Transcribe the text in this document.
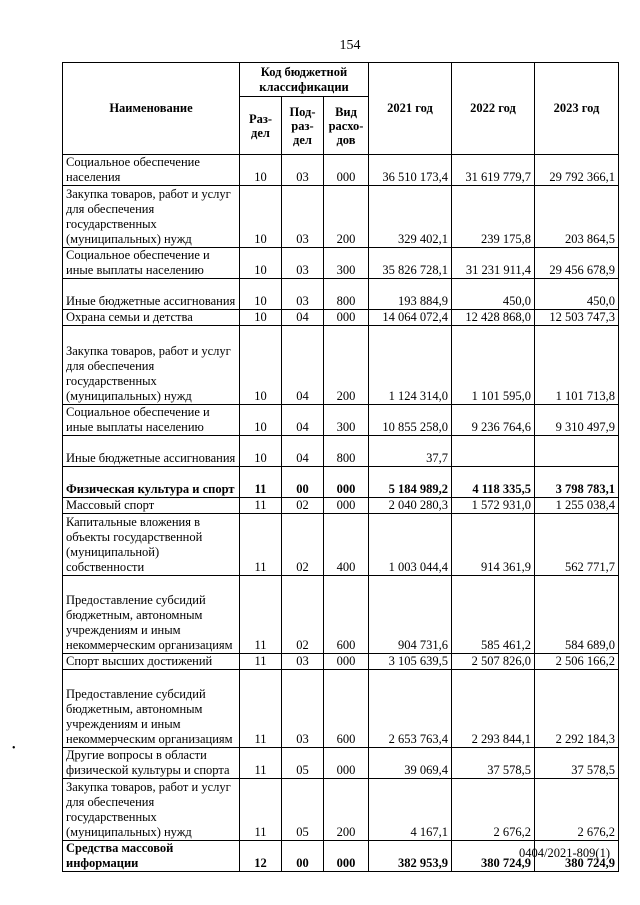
154
Наименование	Код бюджетной классификации			2021 год	2022 год	2023 год
	Раз-дел	Под-раз-дел	Вид расхо-дов			
Социальное обеспечение населения	10	03	000	36 510 173,4	31 619 779,7	29 792 366,1
Закупка товаров, работ и услуг для обеспечения государственных (муниципальных) нужд	10	03	200	329 402,1	239 175,8	203 864,5
Социальное обеспечение и иные выплаты населению	10	03	300	35 826 728,1	31 231 911,4	29 456 678,9
Иные бюджетные ассигнования	10	03	800	193 884,9	450,0	450,0
Охрана семьи и детства	10	04	000	14 064 072,4	12 428 868,0	12 503 747,3
Закупка товаров, работ и услуг для обеспечения государственных (муниципальных) нужд	10	04	200	1 124 314,0	1 101 595,0	1 101 713,8
Социальное обеспечение и иные выплаты населению	10	04	300	10 855 258,0	9 236 764,6	9 310 497,9
Иные бюджетные ассигнования	10	04	800	37,7		
Физическая культура и спорт	11	00	000	5 184 989,2	4 118 335,5	3 798 783,1
Массовый спорт	11	02	000	2 040 280,3	1 572 931,0	1 255 038,4
Капитальные вложения в объекты государственной (муниципальной) собственности	11	02	400	1 003 044,4	914 361,9	562 771,7
Предоставление субсидий бюджетным, автономным учреждениям и иным некоммерческим организациям	11	02	600	904 731,6	585 461,2	584 689,0
Спорт высших достижений	11	03	000	3 105 639,5	2 507 826,0	2 506 166,2
Предоставление субсидий бюджетным, автономным учреждениям и иным некоммерческим организациям	11	03	600	2 653 763,4	2 293 844,1	2 292 184,3
Другие вопросы в области физической культуры и спорта	11	05	000	39 069,4	37 578,5	37 578,5
Закупка товаров, работ и услуг для обеспечения государственных (муниципальных) нужд	11	05	200	4 167,1	2 676,2	2 676,2
Средства массовой информации	12	00	000	382 953,9	380 724,9	380 724,9
•
0404/2021-809(1)
